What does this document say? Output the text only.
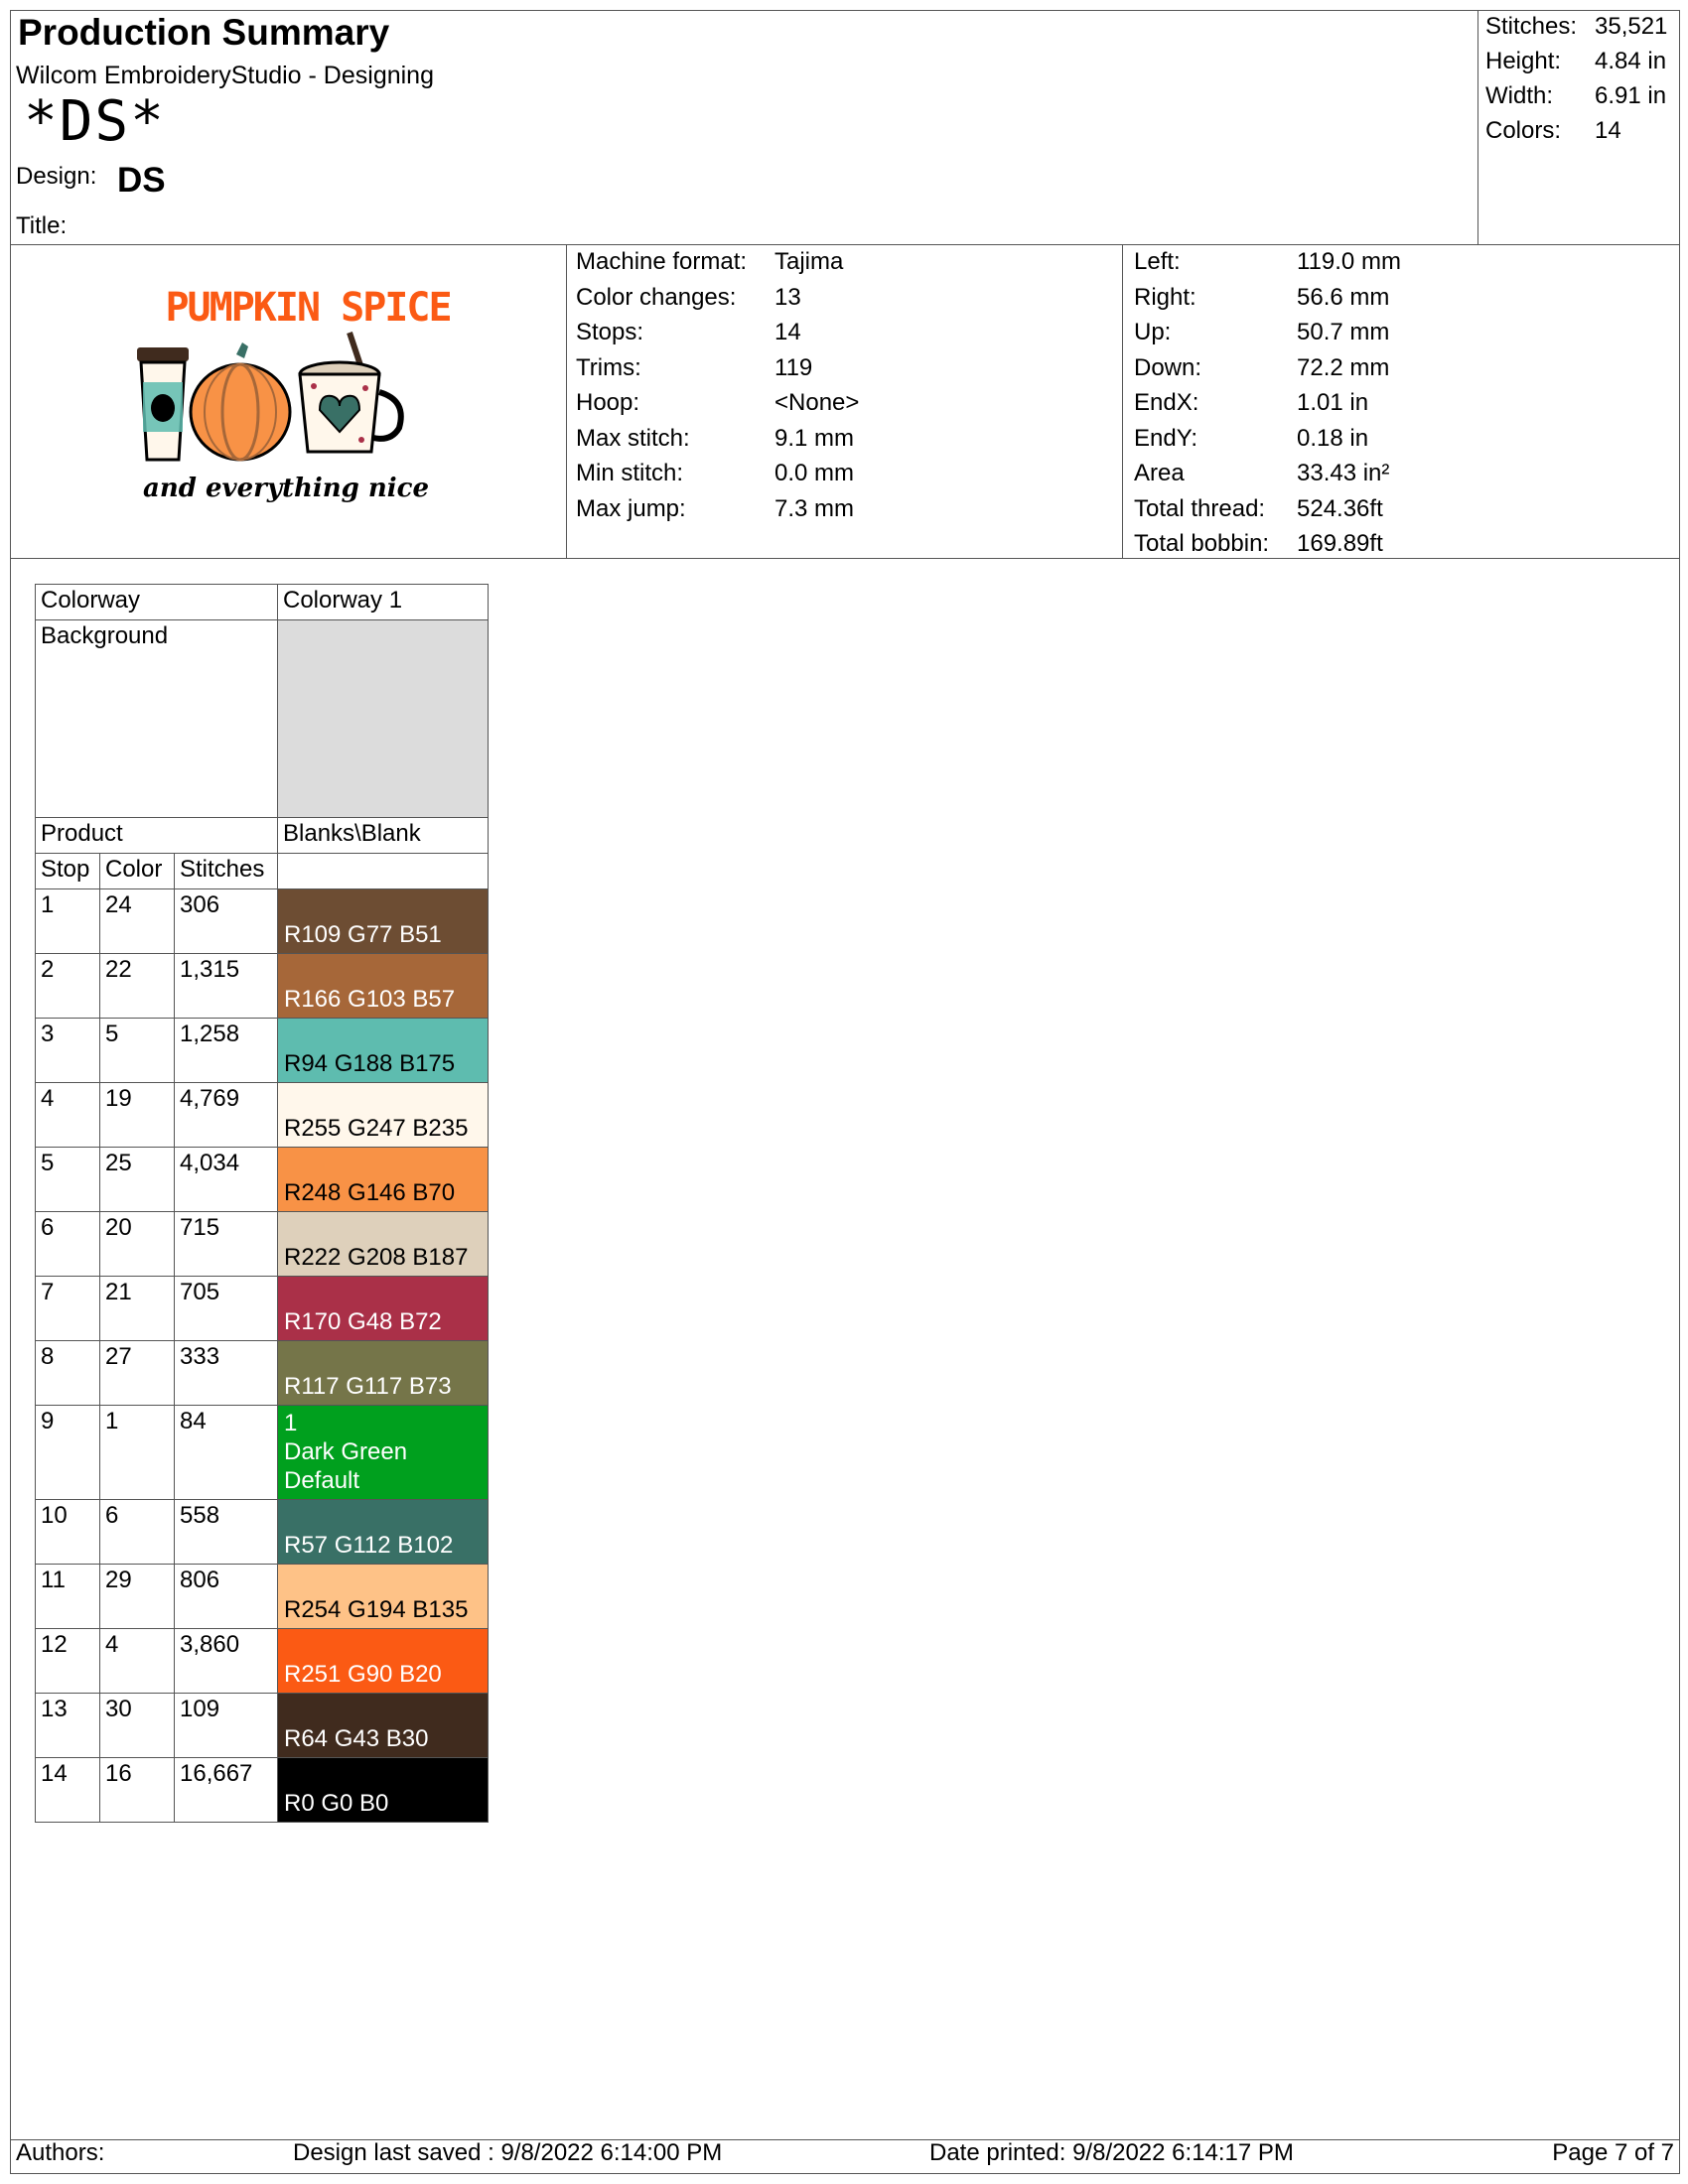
Production Summary
Wilcom EmbroideryStudio - Designing
*DS*
Design: DS
Title:
Stitches: 35,521
Height: 4.84 in
Width: 6.91 in
Colors: 14
PUMPKIN SPICE
and everything nice
Machine format: Tajima
Color changes: 13
Stops:	14
Trims:	119
Hoop:	<None>
Max stitch:	9.1 mm
Min stitch:	0.0 mm
Max jump:	7.3 mm
Left:	119.0 mm
Right:	56.6 mm
Up:	50.7 mm
Down:	72.2 mm
EndX:	1.01 in
EndY:	0.18 in
Area	33.43 in²
Total thread: 524.36ft
Total bobbin: 169.89ft
Colorway			Colorway 1
Background			
Product			Blanks\Blank
Stop	Color	Stitches	
1	24	306	R109 G77 B51
2	22	1,315	R166 G103 B57
3	5	1,258	R94 G188 B175
4	19	4,769	R255 G247 B235
5	25	4,034	R248 G146 B70
6	20	715	R222 G208 B187
7	21	705	R170 G48 B72
8	27	333	R117 G117 B73
9	1	84	1
Dark Green
Default
10	6	558	R57 G112 B102
11	29	806	R254 G194 B135
12	4	3,860	R251 G90 B20
13	30	109	R64 G43 B30
14	16	16,667	R0 G0 B0
Authors:	Design last saved : 9/8/2022 6:14:00 PM	Date printed: 9/8/2022 6:14:17 PM	Page 7 of 7
